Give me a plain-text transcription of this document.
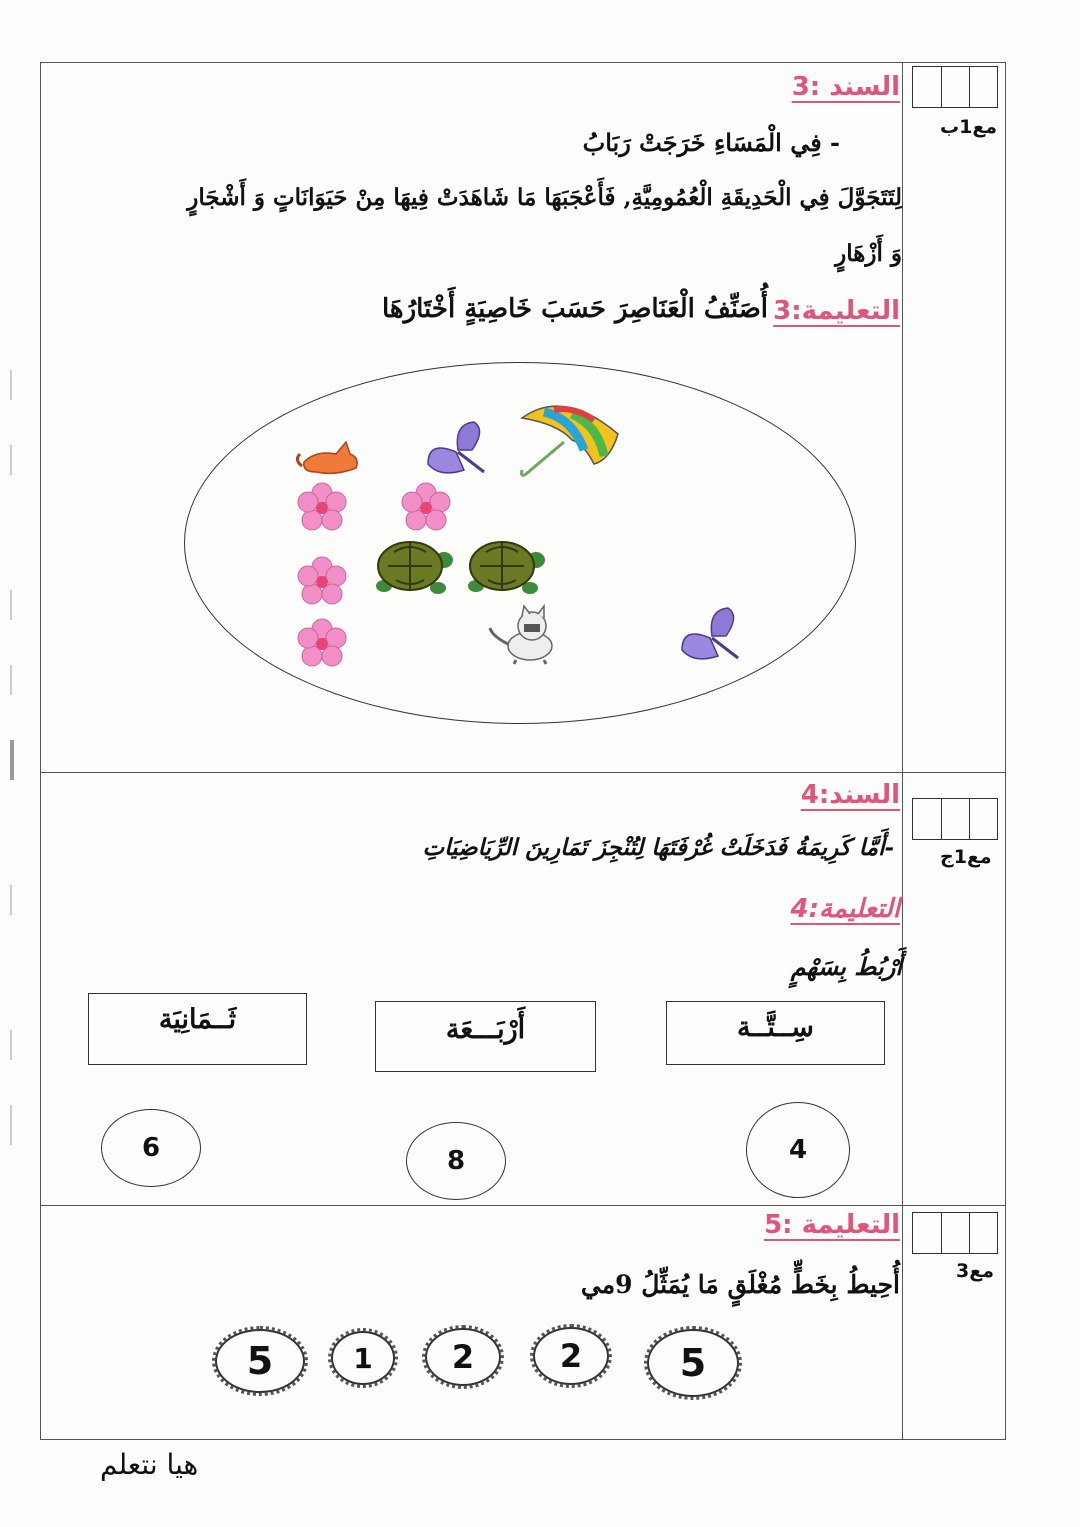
مع1ب
السند :3
- فِي الْمَسَاءِ خَرَجَتْ رَبَابُ
لِتَتَجَوَّلَ فِي الْحَدِيقَةِ الْعُمُومِيَّةِ, فَأَعْجَبَهَا مَا شَاهَدَتْ فِيهَا مِنْ حَيَوَانَاتٍ وَ أَشْجَارٍ
وَ أَزْهَارٍ
التعليمة:3
أُصَنِّفُ الْعَنَاصِرَ حَسَبَ خَاصِيَةٍ أَخْتَارُهَا
مع1ج
السند:4
-أَمَّا كَرِيمَةُ فَدَخَلَتْ غُرْفَتَهَا لِتُنْجِزَ تَمَارِينَ الرِّيَاضِيَاتِ
التعليمة:4
أَرْبُطُ بِسَهْمٍ
ثَــمَانِيَة	أَرْبَـــعَة	سِــتَّــة
6	8	4
مع3
التعليمة :5
أُحِيطُ بِخَطٍّ مُغْلَقٍ مَا يُمَثِّلُ 9مي
5	1	2	2	5
هيا نتعلم
